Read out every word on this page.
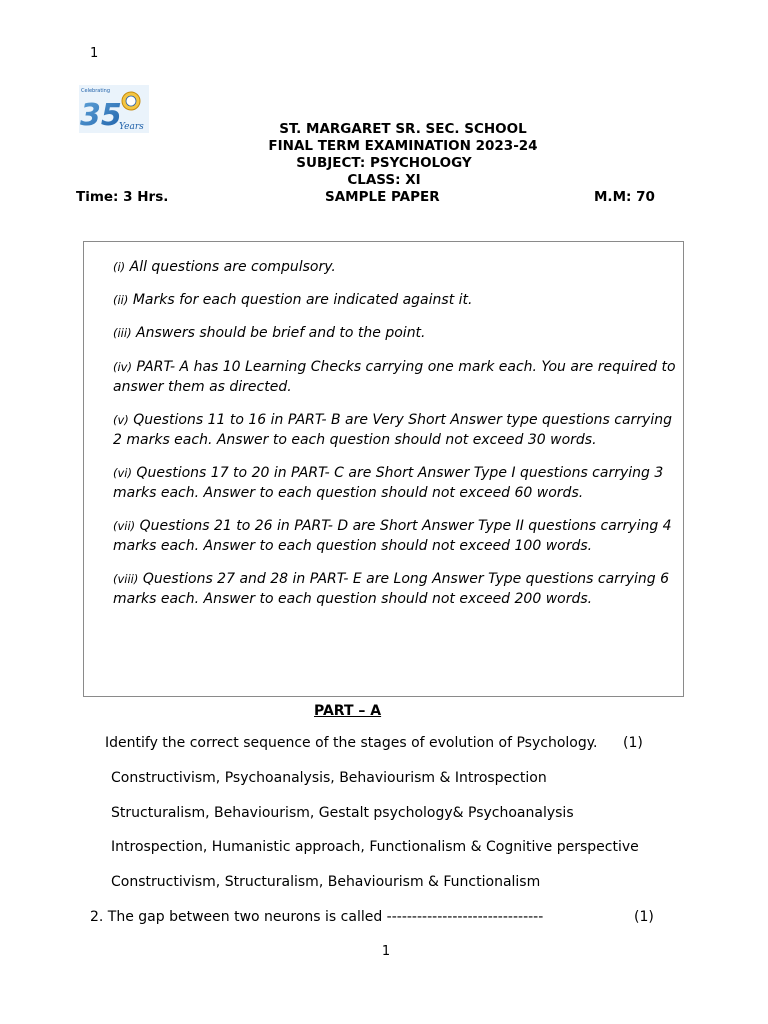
1
Celebrating
35
Years	ST. MARGARET SR. SEC. SCHOOL
FINAL TERM EXAMINATION 2023-24
SUBJECT: PSYCHOLOGY
CLASS: XI
Time: 3 Hrs.	SAMPLE PAPER	M.M: 70
(i) All questions are compulsory.
(ii) Marks for each question are indicated against it.
(iii) Answers should be brief and to the point.
(iv) PART- A has 10 Learning Checks carrying one mark each. You are required to answer them as directed.
(v) Questions 11 to 16 in PART- B are Very Short Answer type questions carrying 2 marks each. Answer to each question should not exceed 30 words.
(vi) Questions 17 to 20 in PART- C are Short Answer Type I questions carrying 3 marks each. Answer to each question should not exceed 60 words.
(vii) Questions 21 to 26 in PART- D are Short Answer Type II questions carrying 4 marks each. Answer to each question should not exceed 100 words.
(viii) Questions 27 and 28 in PART- E are Long Answer Type questions carrying 6 marks each. Answer to each question should not exceed 200 words.
PART – A
Identify the correct sequence of the stages of evolution of Psychology. (1)
Constructivism, Psychoanalysis, Behaviourism & Introspection
Structuralism, Behaviourism, Gestalt psychology& Psychoanalysis
Introspection, Humanistic approach, Functionalism & Cognitive perspective
Constructivism, Structuralism, Behaviourism & Functionalism
2. The gap between two neurons is called -------------------------------	(1)
1
